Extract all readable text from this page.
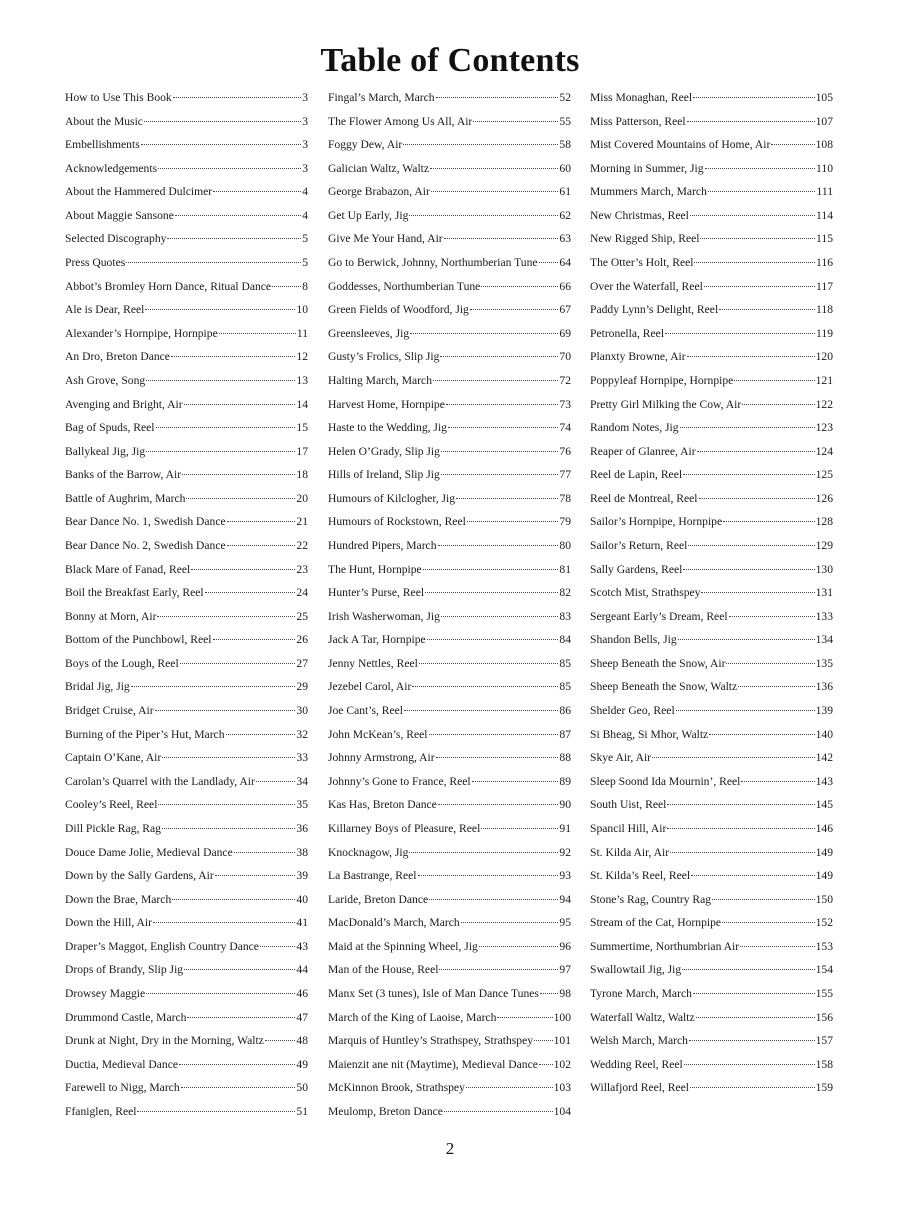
Table of Contents
How to Use This Book	3
About the Music	3
Embellishments	3
Acknowledgements	3
About the Hammered Dulcimer	4
About Maggie Sansone	4
Selected Discography	5
Press Quotes	5
Abbot’s Bromley Horn Dance, Ritual Dance	8
Ale is Dear, Reel	10
Alexander’s Hornpipe, Hornpipe	11
An Dro, Breton Dance	12
Ash Grove, Song	13
Avenging and Bright, Air	14
Bag of Spuds, Reel	15
Ballykeal Jig, Jig	17
Banks of the Barrow, Air	18
Battle of Aughrim, March	20
Bear Dance No. 1, Swedish Dance	21
Bear Dance No. 2, Swedish Dance	22
Black Mare of Fanad, Reel	23
Boil the Breakfast Early, Reel	24
Bonny at Morn, Air	25
Bottom of the Punchbowl, Reel	26
Boys of the Lough, Reel	27
Bridal Jig, Jig	29
Bridget Cruise, Air	30
Burning of the Piper’s Hut, March	32
Captain O’Kane, Air	33
Carolan’s Quarrel with the Landlady, Air	34
Cooley’s Reel, Reel	35
Dill Pickle Rag, Rag	36
Douce Dame Jolie, Medieval Dance	38
Down by the Sally Gardens, Air	39
Down the Brae, March	40
Down the Hill, Air	41
Draper’s Maggot, English Country Dance	43
Drops of Brandy, Slip Jig	44
Drowsey Maggie	46
Drummond Castle, March	47
Drunk at Night, Dry in the Morning, Waltz	48
Ductia, Medieval Dance	49
Farewell to Nigg, March	50
Ffaniglen, Reel	51
Fingal’s March, March	52
The Flower Among Us All, Air	55
Foggy Dew, Air	58
Galician Waltz, Waltz	60
George Brabazon, Air	61
Get Up Early, Jig	62
Give Me Your Hand, Air	63
Go to Berwick, Johnny, Northumberian Tune 64
Goddesses, Northumberian Tune	66
Green Fields of Woodford, Jig	67
Greensleeves, Jig	69
Gusty’s Frolics, Slip Jig	70
Halting March, March	72
Harvest Home, Hornpipe	73
Haste to the Wedding, Jig	74
Helen O’Grady, Slip Jig	76
Hills of Ireland, Slip Jig	77
Humours of Kilclogher, Jig	78
Humours of Rockstown, Reel	79
Hundred Pipers, March	80
The Hunt, Hornpipe	81
Hunter’s Purse, Reel	82
Irish Washerwoman, Jig	83
Jack A Tar, Hornpipe	84
Jenny Nettles, Reel	85
Jezebel Carol, Air	85
Joe Cant’s, Reel	86
John McKean’s, Reel	87
Johnny Armstrong, Air	88
Johnny’s Gone to France, Reel	89
Kas Has, Breton Dance	90
Killarney Boys of Pleasure, Reel	91
Knocknagow, Jig	92
La Bastrange, Reel	93
Laride, Breton Dance	94
MacDonald’s March, March	95
Maid at the Spinning Wheel, Jig	96
Man of the House, Reel	97
Manx Set (3 tunes), Isle of Man Dance Tunes 98
March of the King of Laoise, March	100
Marquis of Huntley’s Strathspey, Strathspey 101
Maienzit ane nit (Maytime), Medieval Dance 102
McKinnon Brook, Strathspey	103
Meulomp, Breton Dance	104
Miss Monaghan, Reel	105
Miss Patterson, Reel	107
Mist Covered Mountains of Home, Air	108
Morning in Summer, Jig	110
Mummers March, March	111
New Christmas, Reel	114
New Rigged Ship, Reel	115
The Otter’s Holt, Reel	116
Over the Waterfall, Reel	117
Paddy Lynn’s Delight, Reel	118
Petronella, Reel	119
Planxty Browne, Air	120
Poppyleaf Hornpipe, Hornpipe	121
Pretty Girl Milking the Cow, Air	122
Random Notes, Jig	123
Reaper of Glanree, Air	124
Reel de Lapin, Reel	125
Reel de Montreal, Reel	126
Sailor’s Hornpipe, Hornpipe	128
Sailor’s Return, Reel	129
Sally Gardens, Reel	130
Scotch Mist, Strathspey	131
Sergeant Early’s Dream, Reel	133
Shandon Bells, Jig	134
Sheep Beneath the Snow, Air	135
Sheep Beneath the Snow, Waltz	136
Shelder Geo, Reel	139
Si Bheag, Si Mhor, Waltz	140
Skye Air, Air	142
Sleep Soond Ida Mournin’, Reel	143
South Uist, Reel	145
Spancil Hill, Air	146
St. Kilda Air, Air	149
St. Kilda’s Reel, Reel	149
Stone’s Rag, Country Rag	150
Stream of the Cat, Hornpipe	152
Summertime, Northumbrian Air	153
Swallowtail Jig, Jig	154
Tyrone March, March	155
Waterfall Waltz, Waltz	156
Welsh March, March	157
Wedding Reel, Reel	158
Willafjord Reel, Reel	159
2
